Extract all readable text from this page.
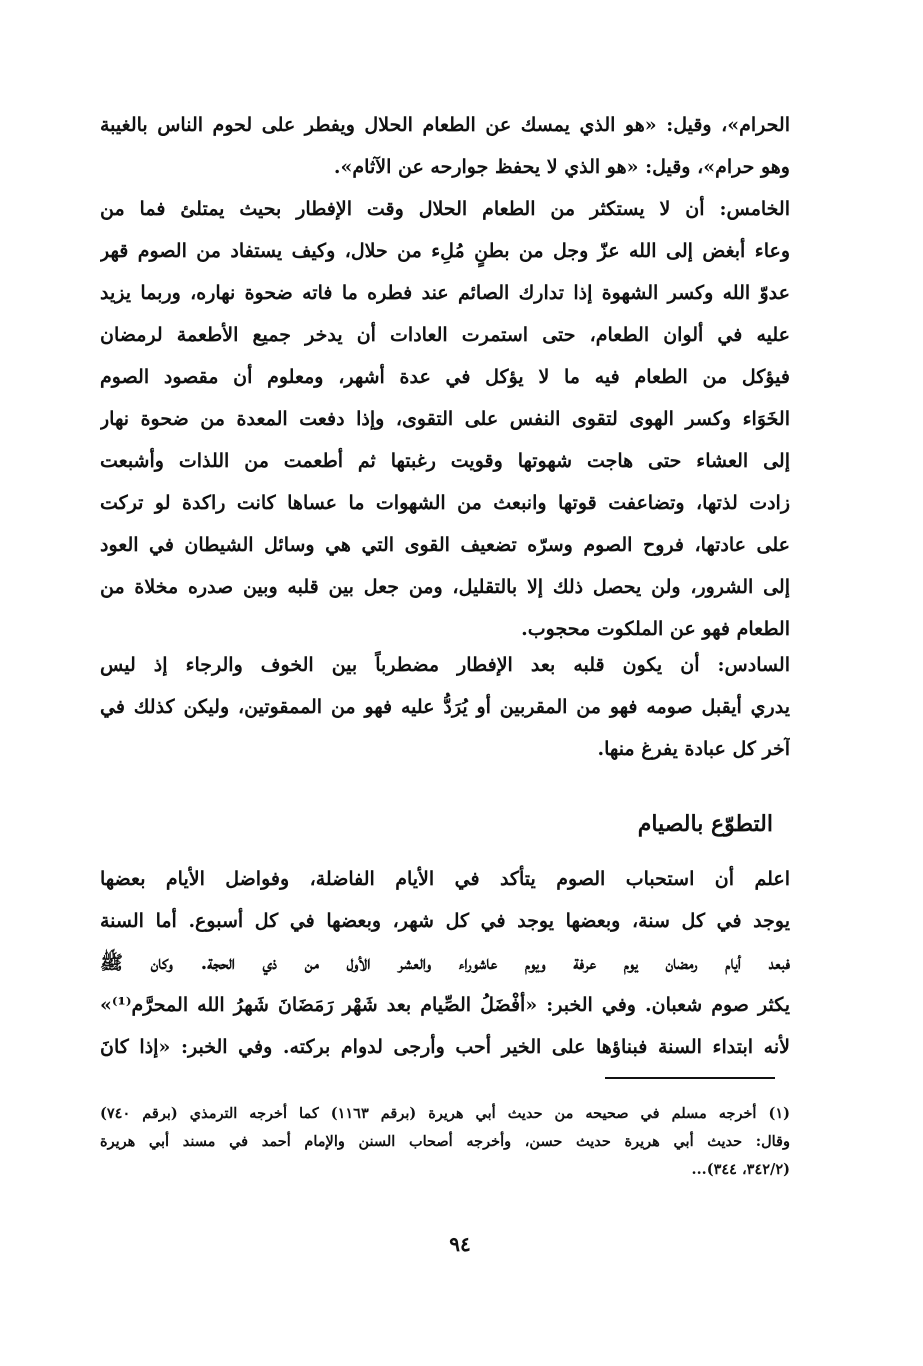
الحرام»، وقيل: «هو الذي يمسك عن الطعام الحلال ويفطر على لحوم الناس بالغيبة
وهو حرام»، وقيل: «هو الذي لا يحفظ جوارحه عن الآثام».
الخامس: أن لا يستكثر من الطعام الحلال وقت الإفطار بحيث يمتلئ فما من
وعاء أبغض إلى الله عزّ وجل من بطنٍ مُلِء من حلال، وكيف يستفاد من الصوم قهر
عدوّ الله وكسر الشهوة إذا تدارك الصائم عند فطره ما فاته ضحوة نهاره، وربما يزيد
عليه في ألوان الطعام، حتى استمرت العادات أن يدخر جميع الأطعمة لرمضان
فيؤكل من الطعام فيه ما لا يؤكل في عدة أشهر، ومعلوم أن مقصود الصوم
الخَوَاء وكسر الهوى لتقوى النفس على التقوى، وإذا دفعت المعدة من ضحوة نهار
إلى العشاء حتى هاجت شهوتها وقويت رغبتها ثم أطعمت من اللذات وأشبعت
زادت لذتها، وتضاعفت قوتها وانبعث من الشهوات ما عساها كانت راكدة لو تركت
على عادتها، فروح الصوم وسرّه تضعيف القوى التي هي وسائل الشيطان في العود
إلى الشرور، ولن يحصل ذلك إلا بالتقليل، ومن جعل بين قلبه وبين صدره مخلاة من
الطعام فهو عن الملكوت محجوب.
السادس: أن يكون قلبه بعد الإفطار مضطرباً بين الخوف والرجاء إذ ليس
يدري أيقبل صومه فهو من المقربين أو يُرَدُّ عليه فهو من الممقوتين، وليكن كذلك في
آخر كل عبادة يفرغ منها.
التطوّع بالصيام
اعلم أن استحباب الصوم يتأكد في الأيام الفاضلة، وفواضل الأيام بعضها
يوجد في كل سنة، وبعضها يوجد في كل شهر، وبعضها في كل أسبوع. أما السنة
فبعد أيام رمضان يوم عرفة ويوم عاشوراء والعشر الأول من ذي الحجة. وكان ﷺ
يكثر صوم شعبان. وفي الخبر: «أفْضَلُ الصِّيام بعد شَهْر رَمَضَانَ شَهرُ الله المحرَّم⁽¹⁾»
لأنه ابتداء السنة فبناؤها على الخير أحب وأرجى لدوام بركته. وفي الخبر: «إذا كانَ
(١) أخرجه مسلم في صحيحه من حديث أبي هريرة (برقم ١١٦٣) كما أخرجه الترمذي (برقم ٧٤٠)
وقال: حديث أبي هريرة حديث حسن، وأخرجه أصحاب السنن والإمام أحمد في مسند أبي هريرة
(٣٤٢/٢، ٣٤٤)...
٩٤
